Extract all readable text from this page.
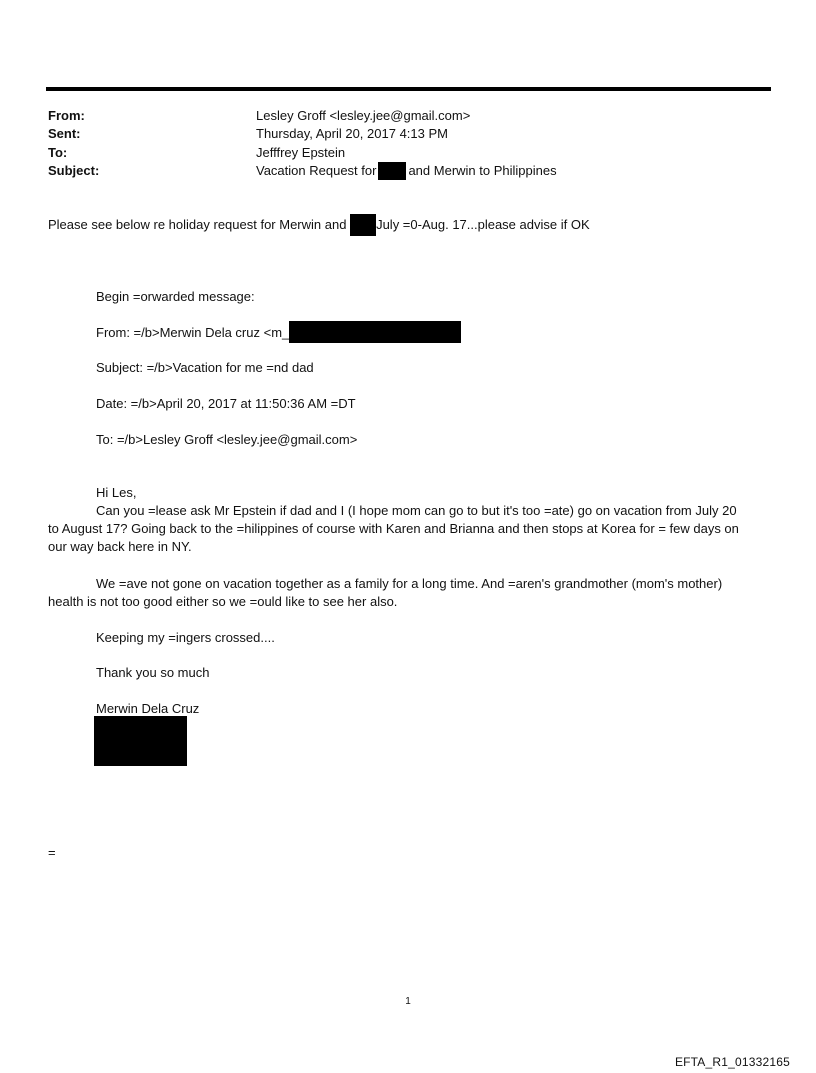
From:	Lesley Groff <lesley.jee@gmail.com>
Sent:	Thursday, April 20, 2017 4:13 PM
To:	Jefffrey Epstein
Subject:	Vacation Request for and Merwin to Philippines
Please see below re holiday request for Merwin and July =0-Aug. 17...please advise if OK
Begin =orwarded message:
From: =/b>Merwin Dela cruz <m_
Subject: =/b>Vacation for me =nd dad
Date: =/b>April 20, 2017 at 11:50:36 AM =DT
To: =/b>Lesley Groff <lesley.jee@gmail.com>
Hi Les,
Can you =lease ask Mr Epstein if dad and I (I hope mom can go to but it's too =ate) go on vacation from July 20
to August 17? Going back to the =hilippines of course with Karen and Brianna and then stops at Korea for = few days on
our way back here in NY.
We =ave not gone on vacation together as a family for a long time. And =aren's grandmother (mom's mother)
health is not too good either so we =ould like to see her also.
Keeping my =ingers crossed....
Thank you so much
Merwin Dela Cruz
=
1
EFTA_R1_01332165
